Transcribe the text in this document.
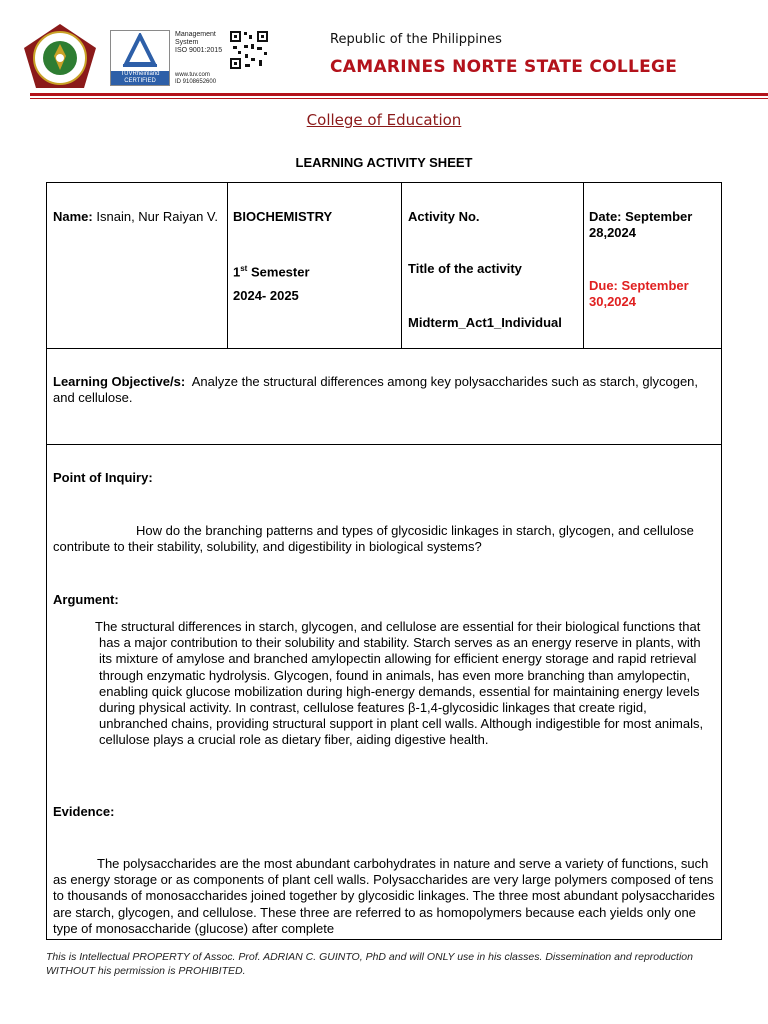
TÜVRheinland
CERTIFIED
Management
System
ISO 9001:2015
www.tuv.com
ID 9108652600
Republic of the Philippines
CAMARINES NORTE STATE COLLEGE
College of Education
LEARNING ACTIVITY SHEET
Name: Isnain, Nur Raiyan V.	BIOCHEMISTRY
1st Semester
2024- 2025
Activity No.
Title of the activity
Midterm_Act1_Individual
Date: September 28,2024
Due: September 30,2024
Learning Objective/s: Analyze the structural differences among key polysaccharides such as starch, glycogen, and cellulose.
Point of Inquiry:
How do the branching patterns and types of glycosidic linkages in starch, glycogen, and cellulose contribute to their stability, solubility, and digestibility in biological systems?
Argument:
The structural differences in starch, glycogen, and cellulose are essential for their biological functions that has a major contribution to their solubility and stability. Starch serves as an energy reserve in plants, with its mixture of amylose and branched amylopectin allowing for efficient energy storage and rapid retrieval through enzymatic hydrolysis. Glycogen, found in animals, has even more branching than amylopectin, enabling quick glucose mobilization during high-energy demands, essential for maintaining energy levels during physical activity. In contrast, cellulose features β-1,4-glycosidic linkages that create rigid, unbranched chains, providing structural support in plant cell walls. Although indigestible for most animals, cellulose plays a crucial role as dietary fiber, aiding digestive health.
Evidence:
The polysaccharides are the most abundant carbohydrates in nature and serve a variety of functions, such as energy storage or as components of plant cell walls. Polysaccharides are very large polymers composed of tens to thousands of monosaccharides joined together by glycosidic linkages. The three most abundant polysaccharides are starch, glycogen, and cellulose. These three are referred to as homopolymers because each yields only one type of monosaccharide (glucose) after complete
This is Intellectual PROPERTY of Assoc. Prof. ADRIAN C. GUINTO, PhD and will ONLY use in his classes. Dissemination and reproduction WITHOUT his permission is PROHIBITED.
